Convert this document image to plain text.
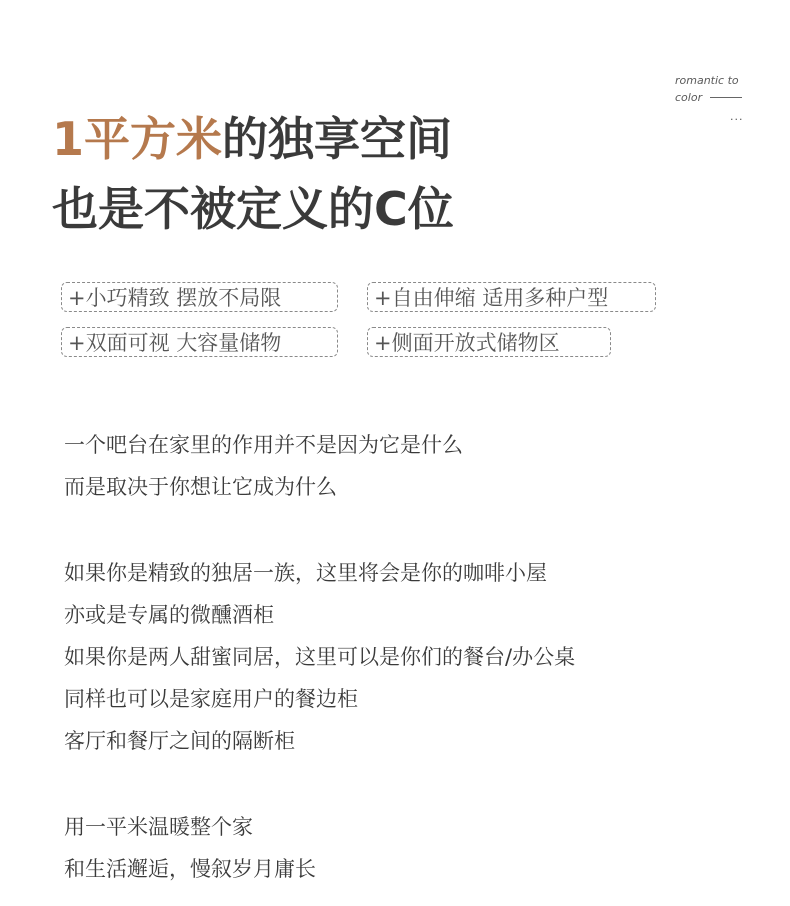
romantic to
color
...
1平方米的独享空间
也是不被定义的C位
+小巧精致 摆放不局限	+自由伸缩 适用多种户型
+双面可视 大容量储物	+侧面开放式储物区
一个吧台在家里的作用并不是因为它是什么
而是取决于你想让它成为什么
如果你是精致的独居一族，这里将会是你的咖啡小屋
亦或是专属的微醺酒柜
如果你是两人甜蜜同居，这里可以是你们的餐台/办公桌
同样也可以是家庭用户的餐边柜
客厅和餐厅之间的隔断柜
用一平米温暖整个家
和生活邂逅，慢叙岁月庸长
